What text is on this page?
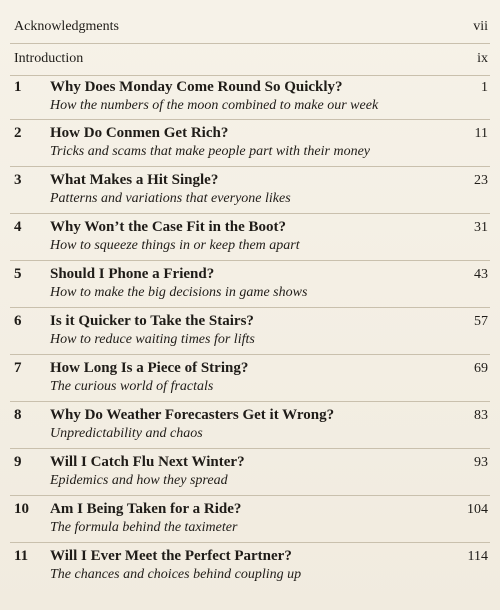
Acknowledgments	vii
Introduction	ix
1 Why Does Monday Come Round So Quickly?
How the numbers of the moon combined to make our week
1
2 How Do Conmen Get Rich?
Tricks and scams that make people part with their money
11
3 What Makes a Hit Single?
Patterns and variations that everyone likes
23
4 Why Won’t the Case Fit in the Boot?
How to squeeze things in or keep them apart
31
5 Should I Phone a Friend?
How to make the big decisions in game shows
43
6 Is it Quicker to Take the Stairs?
How to reduce waiting times for lifts
57
7 How Long Is a Piece of String?
The curious world of fractals
69
8 Why Do Weather Forecasters Get it Wrong?
Unpredictability and chaos
83
9 Will I Catch Flu Next Winter?
Epidemics and how they spread
93
10 Am I Being Taken for a Ride?
The formula behind the taximeter
104
11 Will I Ever Meet the Perfect Partner?
The chances and choices behind coupling up
114
